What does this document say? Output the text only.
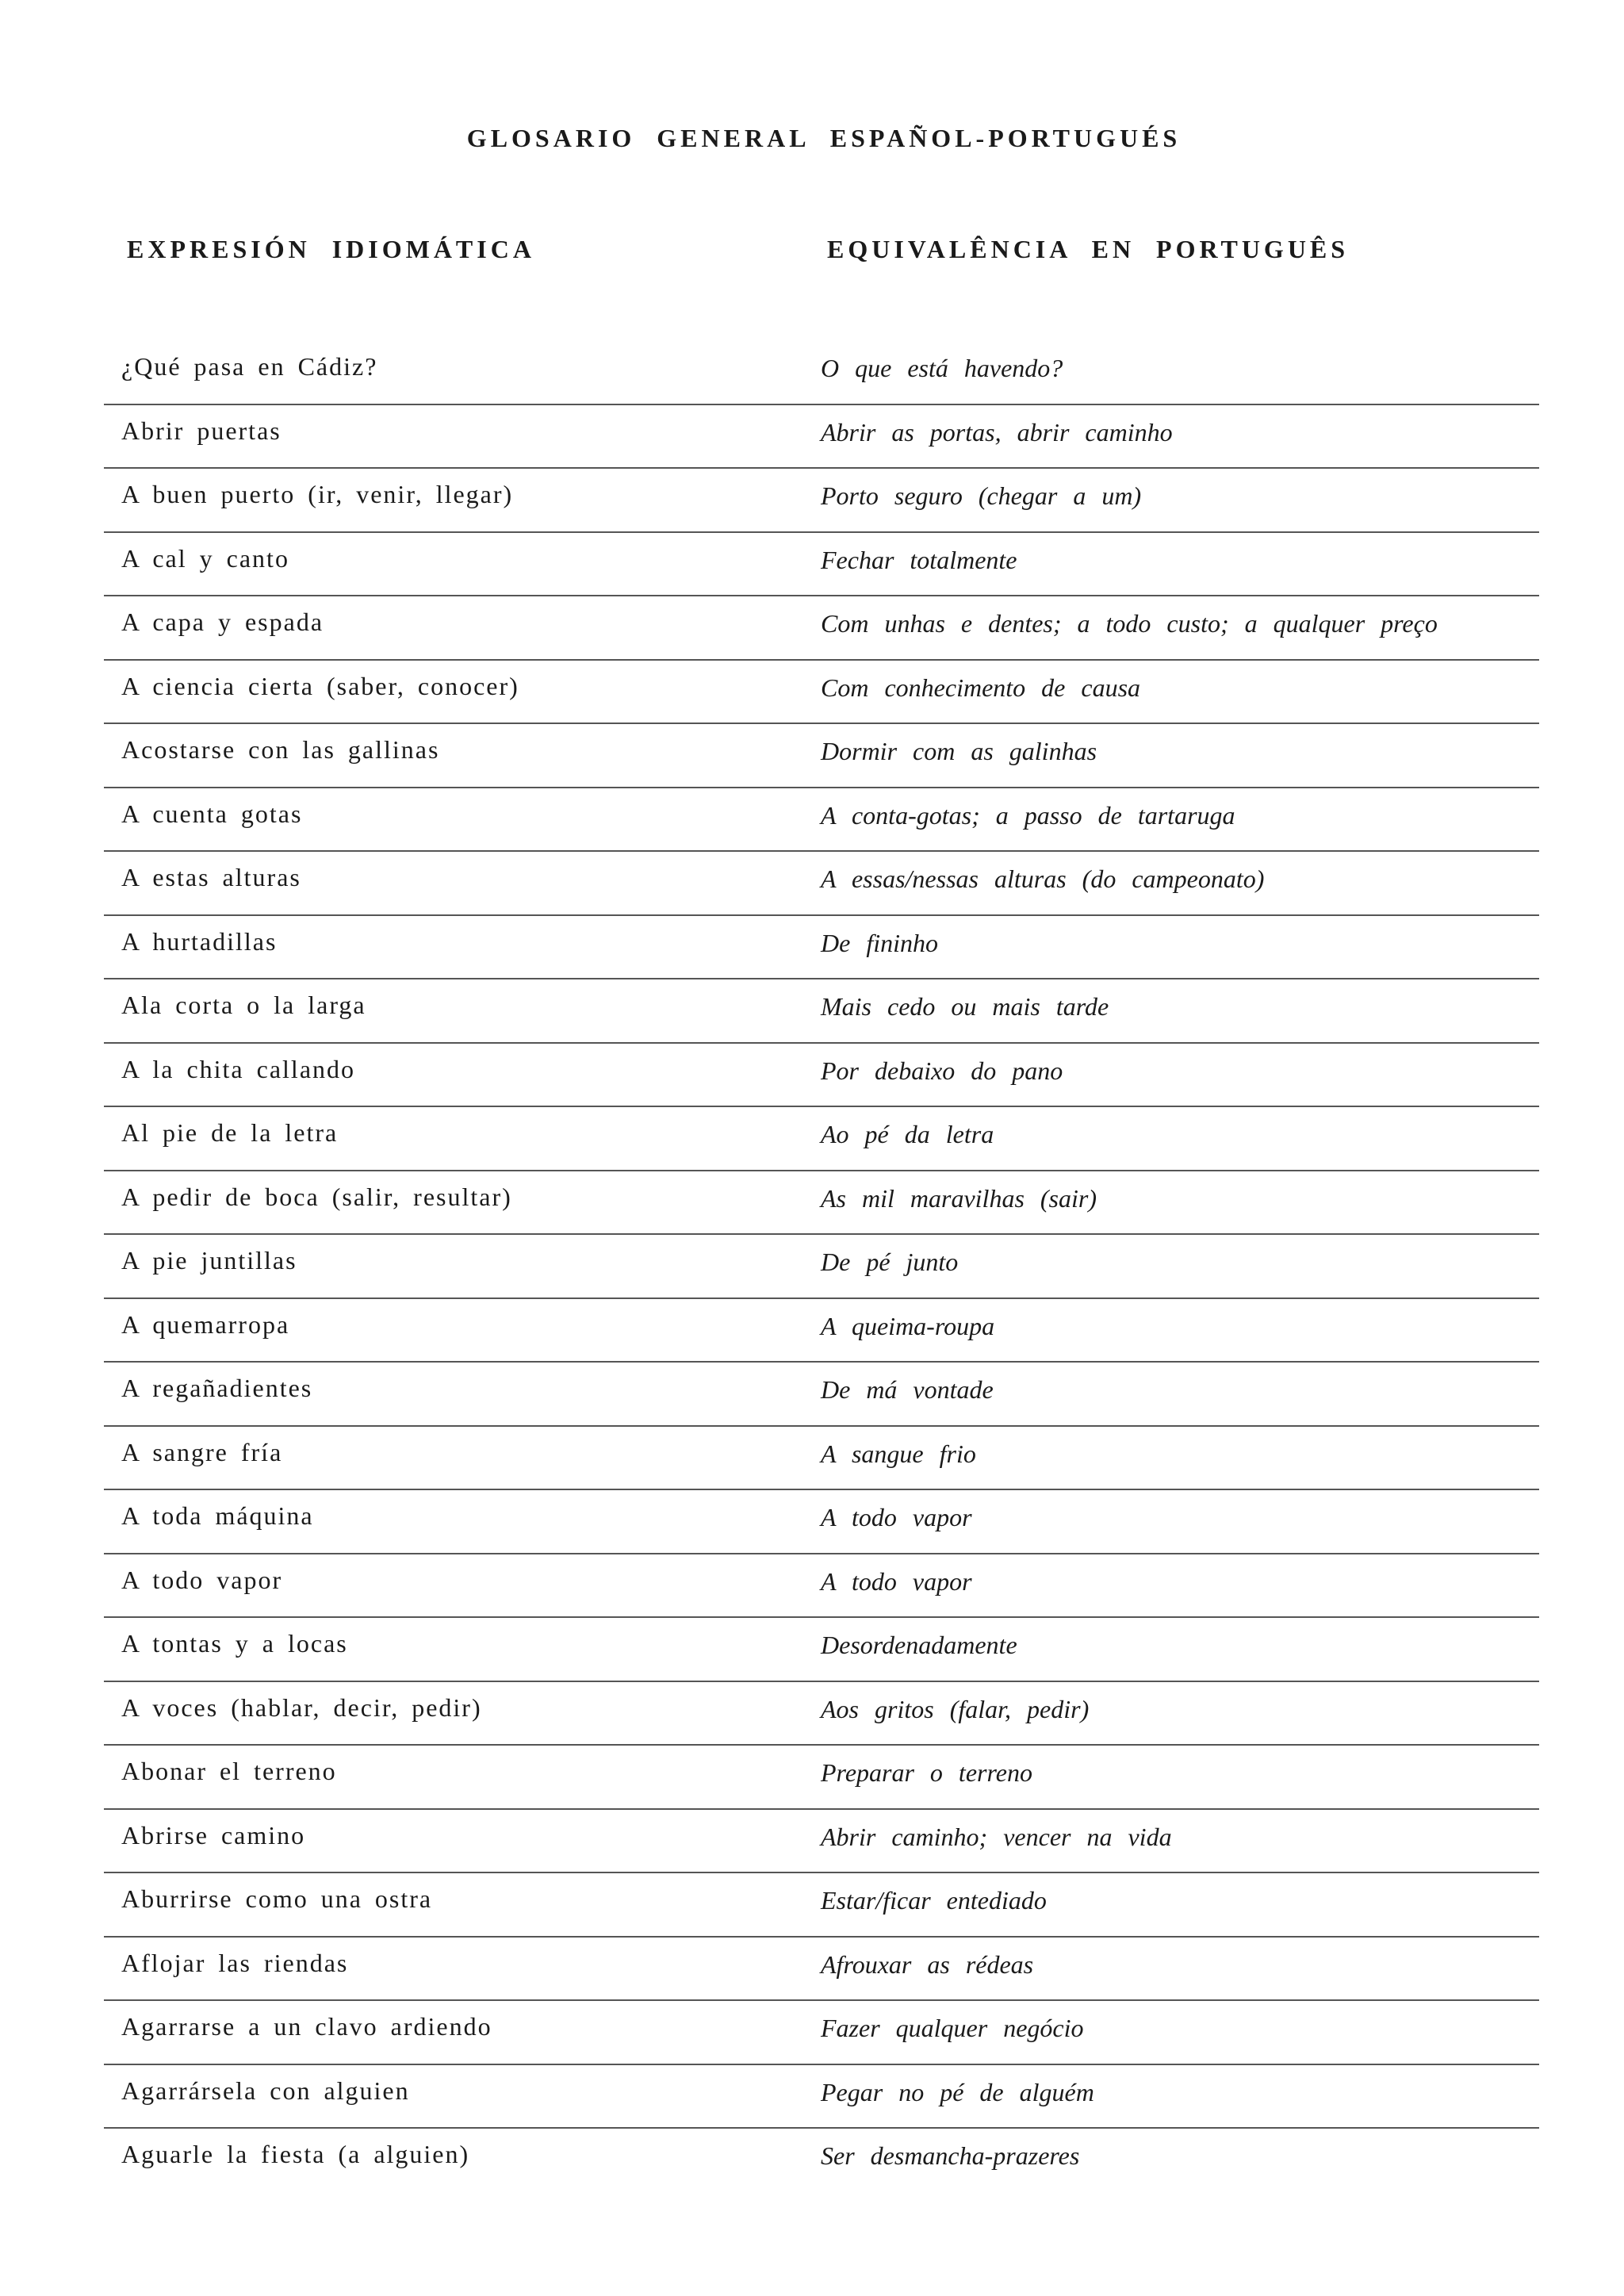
GLOSARIO GENERAL ESPAÑOL-PORTUGUÉS
EXPRESIÓN IDIOMÁTICA	EQUIVALÊNCIA EN PORTUGUÊS
¿Qué pasa en Cádiz?	O que está havendo?
Abrir puertas	Abrir as portas, abrir caminho
A buen puerto (ir, venir, llegar)	Porto seguro (chegar a um)
A cal y canto	Fechar totalmente
A capa y espada	Com unhas e dentes; a todo custo; a qualquer preço
A ciencia cierta (saber, conocer)	Com conhecimento de causa
Acostarse con las gallinas	Dormir com as galinhas
A cuenta gotas	A conta-gotas; a passo de tartaruga
A estas alturas	A essas/nessas alturas (do campeonato)
A hurtadillas	De fininho
Ala corta o la larga	Mais cedo ou mais tarde
A la chita callando	Por debaixo do pano
Al pie de la letra	Ao pé da letra
A pedir de boca (salir, resultar)	As mil maravilhas (sair)
A pie juntillas	De pé junto
A quemarropa	A queima-roupa
A regañadientes	De má vontade
A sangre fría	A sangue frio
A toda máquina	A todo vapor
A todo vapor	A todo vapor
A tontas y a locas	Desordenadamente
A voces (hablar, decir, pedir)	Aos gritos (falar, pedir)
Abonar el terreno	Preparar o terreno
Abrirse camino	Abrir caminho; vencer na vida
Aburrirse como una ostra	Estar/ficar entediado
Aflojar las riendas	Afrouxar as rédeas
Agarrarse a un clavo ardiendo	Fazer qualquer negócio
Agarrársela con alguien	Pegar no pé de alguém
Aguarle la fiesta (a alguien)	Ser desmancha-prazeres
